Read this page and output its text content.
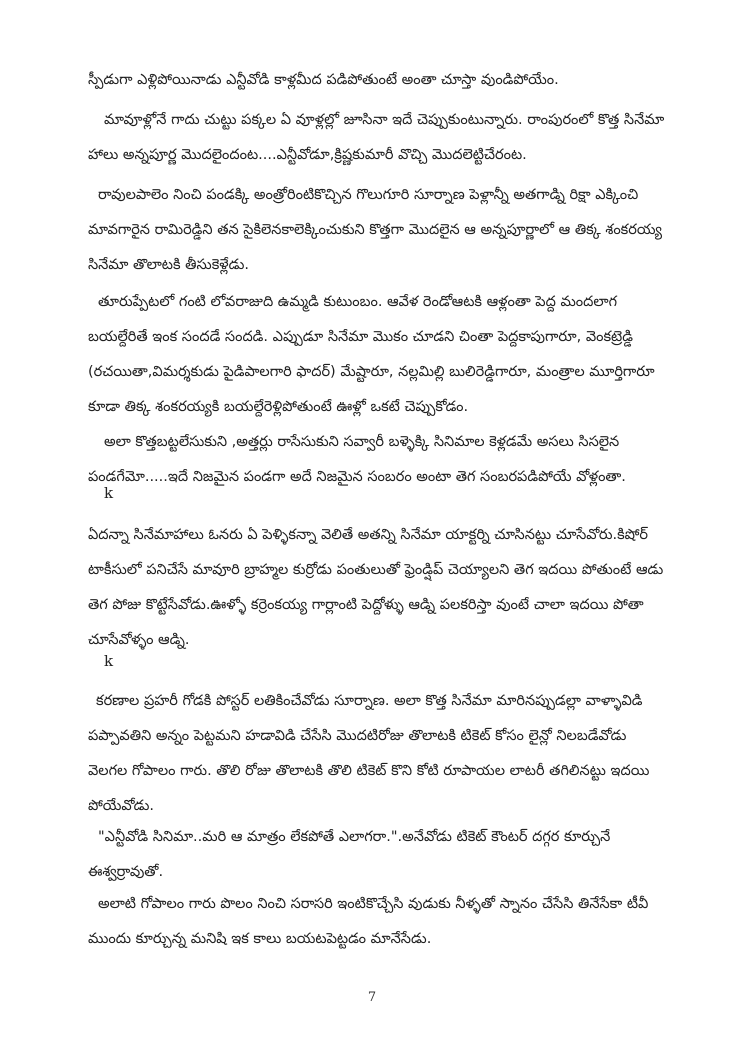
స్పీడుగా ఎళ్లిపోయినాడు ఎన్టీవోడి కాళ్లమీద పడిపోతుంటే అంతా చూస్తా వుండిపోయేం.

మావూళ్లోనే గాదు చుట్టు పక్కల ఏ వూళ్లల్లో జూసినా ఇదే చెప్పుకుంటున్నారు. రాంపురంలో కొత్త సినేమా
హాలు అన్నపూర్ణ మొదలైందంట....ఎన్టీవోడూ,క్రిష్ణకుమారీ వొచ్చి మొదలెట్టిచేరంట.

రావులపాలెం నించి పండక్కి అంత్రోరింటికొచ్చిన గొలుగూరి సూర్నాణ పెళ్లాన్నీ అతగాడ్ని రిక్షా ఎక్కించి
మావగారైన రామిరెడ్డిని తన సైకిలెనకాలెక్కించుకుని కొత్తగా మొదలైన ఆ అన్నపూర్ణాలో ఆ తిక్క శంకరయ్య
సినేమా తొలాటకి తీసుకెళ్లేడు.

తూరుప్పేటలో గంటి లోవరాజుది ఉమ్మడి కుటుంబం. ఆవేళ రెండోఆటకి ఆళ్లంతా పెద్ద మందలాగ
బయల్దేరితే ఇంక సందడే సందడి. ఎప్పుడూ సినేమా మొకం చూడని చింతా పెద్దకాపుగారూ, వెంకట్రెడ్డి
(రచయితా,విమర్శకుడు పైడిపాలగారి ఫాదర్) మేష్టారూ, నల్లమిల్లి బులిరెడ్డిగారూ, మంత్రాల మూర్తిగారూ
కూడా తిక్క శంకరయ్యకి బయల్దేరెళ్లిపోతుంటే ఊళ్లో ఒకటే చెప్పుకోడం.

అలా కొత్తబట్టలేసుకుని ,అత్తర్లు రాసేసుకుని సవ్వారీ బళ్ళెక్కి సినిమాల కెళ్లడమే అసలు సిసలైన
పండగేమో.....ఇదే నిజమైన పండగా అదే నిజమైన సంబరం అంటా తెగ సంబరపడిపోయే వోళ్లంతా.

k

ఏదన్నా సినేమాహాలు ఓనరు ఏ పెళ్ళికన్నా వెలితే అతన్ని సినేమా యాక్టర్ని చూసినట్టు చూసేవోరు.కిషోర్
టాకీసులో పనిచేసే మావూరి బ్రాహ్మల కుర్రోడు పంతులుతో ఫ్రెండ్షిప్ చెయ్యాలని తెగ ఇదయి పోతుంటే ఆడు
తెగ పోజు కొట్టేసేవోడు.ఊళ్ళో కర్రెంకయ్య గార్లాంటి పెద్దోళ్ళు ఆడ్ని పలకరిస్తా వుంటే చాలా ఇదయి పోతా
చూసేవోళ్ళం ఆడ్ని.

k

కరణాల ప్రహరీ గోడకి పోస్టర్ లతికించేవోడు సూర్నాణ. అలా కొత్త సినేమా మారినప్పుడల్లా వాళ్ళావిడి
పప్పావతిని అన్నం పెట్టమని హడావిడి చేసేసి మొదటిరోజు తొలాటకి టికెట్ కోసం లైన్లో నిలబడేవోడు
వెలగల గోపాలం గారు. తొలి రోజు తొలాటకి తొలి టికెట్ కొని కోటి రూపాయల లాటరీ తగిలినట్టు ఇదయి
పోయేవోడు.

"ఎన్టీవోడి సినిమా..మరి ఆ మాత్రం లేకపోతే ఎలాగరా.".అనేవోడు టికెట్ కౌంటర్ దగ్గర కూర్చునే
ఈశ్వర్రావుతో.

అలాటి గోపాలం గారు పొలం నించి సరాసరి ఇంటికొచ్చేసి వుడుకు నీళ్ళతో స్నానం చేసేసి తినేసేకా టీవీ
ముందు కూర్చున్న మనిషి ఇక కాలు బయటపెట్టడం మానేసేడు.

7
